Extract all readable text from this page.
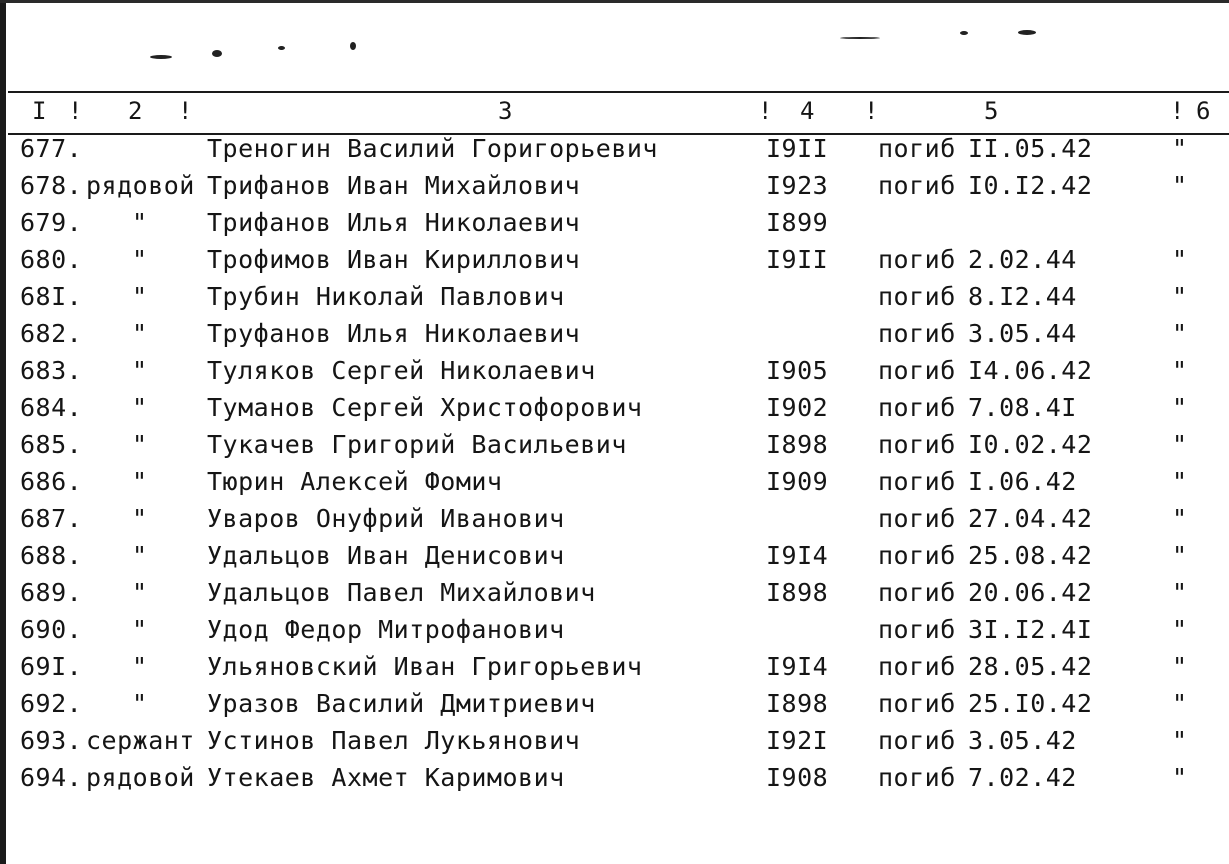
I ! 2 !	3	! 4 !	5	! 6
677.	Треногин Василий Горигорьевич	I9II погиб II.05.42	"
678. рядовой Трифанов Иван Михайлович	I923 погиб I0.I2.42	"
679. " Трифанов Илья Николаевич	I899
680. " Трофимов Иван Кириллович	I9II погиб 2.02.44	"
68I. " Трубин Николай Павлович	погиб 8.I2.44	"
682. " Труфанов Илья Николаевич	погиб 3.05.44	"
683. " Туляков Сергей Николаевич	I905 погиб I4.06.42	"
684. " Туманов Сергей Христофорович	I902 погиб 7.08.4I	"
685. " Тукачев Григорий Васильевич	I898 погиб I0.02.42	"
686. " Тюрин Алексей Фомич	I909 погиб I.06.42	"
687. " Уваров Онуфрий Иванович	погиб 27.04.42	"
688. " Удальцов Иван Денисович	I9I4 погиб 25.08.42	"
689. " Удальцов Павел Михайлович	I898 погиб 20.06.42	"
690. " Удод Федор Митрофанович	погиб 3I.I2.4I	"
69I. " Ульяновский Иван Григорьевич	I9I4 погиб 28.05.42	"
692. " Уразов Василий Дмитриевич	I898 погиб 25.I0.42	"
693. сержант Устинов Павел Лукьянович	I92I погиб 3.05.42	"
694. рядовой Утекаев Ахмет Каримович	I908 погиб 7.02.42	"
